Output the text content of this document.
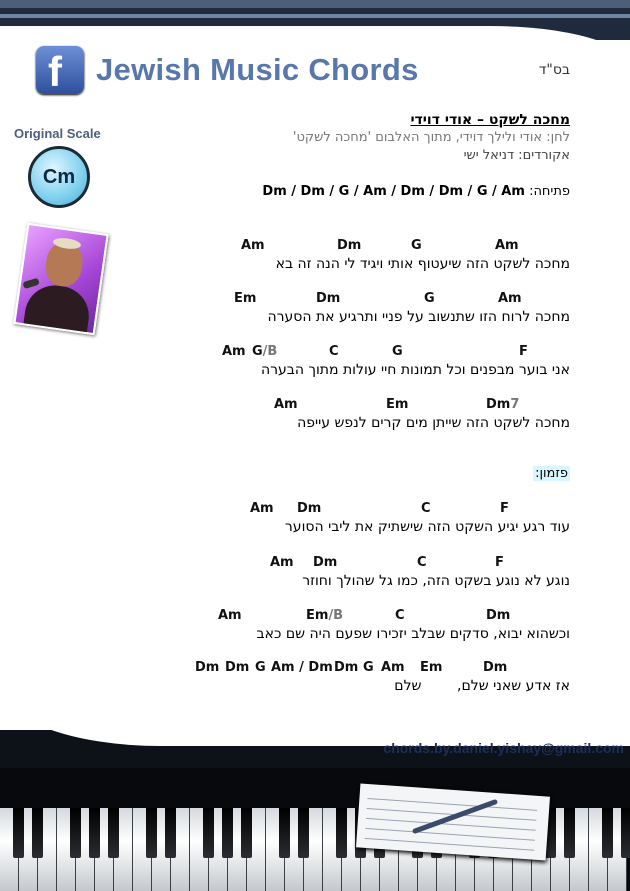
f Jewish Music Chords	בס"ד
Original Scale
Cm
מחכה לשקט – אודי דוידי
לחן: אודי ולילך דוידי, מתוך האלבום 'מחכה לשקט'
אקורדים: דניאל ישי
פתיחה: Dm / Dm / G / Am / Dm / Dm / G / Am
Am	Dm	G	Am
מחכה לשקט הזה שיעטוף אותי ויגיד לי הנה זה בא
Em	Dm	G	Am
מחכה לרוח הזו שתנשוב על פניי ותרגיע את הסערה
Am G/B	C	G	F
אני בוער מבפנים וכל תמונות חיי עולות מתוך הבערה
Am	Em	Dm7
מחכה לשקט הזה שייתן מים קרים לנפש עייפה
פזמון:
Am Dm	C	F
עוד רגע יגיע השקט הזה שישתיק את ליבי הסוער
Am Dm	C	F
נוגע לא נוגע בשקט הזה, כמו גל שהולך וחוזר
Am	Em/B	C	Dm
וכשהוא יבוא, סדקים שבלב יזכירו שפעם היה שם כאב
Dm Dm G Am / Dm Dm G Am Em	Dm
אז אדע שאני שלם,        שלם
chords.by.daniel.yishay@gmail.com
